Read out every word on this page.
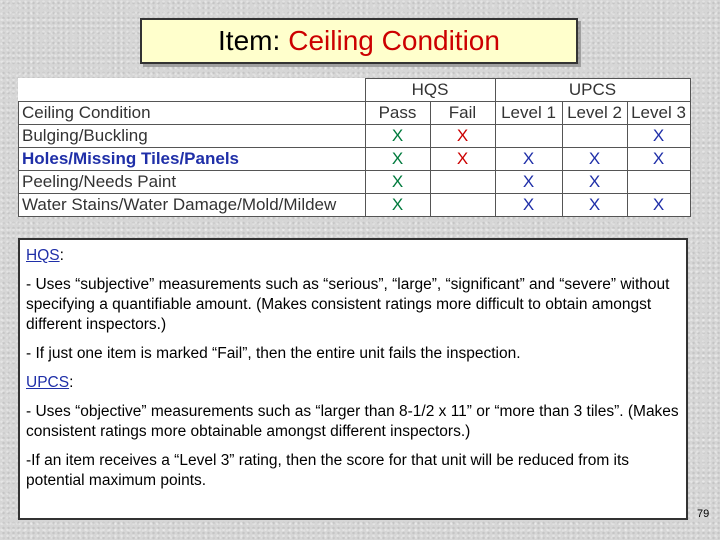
Item: Ceiling Condition
	HQS		UPCS		
Ceiling Condition	Pass	Fail	Level 1	Level 2	Level 3
Bulging/Buckling	X	X			X
Holes/Missing Tiles/Panels	X	X	X	X	X
Peeling/Needs Paint	X		X	X	
Water Stains/Water Damage/Mold/Mildew	X		X	X	X

HQS:

- Uses “subjective” measurements such as “serious”, “large”, “significant” and “severe” without specifying a quantifiable amount. (Makes consistent ratings more difficult to obtain amongst different inspectors.)

- If just one item is marked “Fail”, then the entire unit fails the inspection.

UPCS:

- Uses “objective” measurements such as “larger than 8-1/2 x 11” or “more than 3 tiles”. (Makes consistent ratings more obtainable amongst different inspectors.)

-If an item receives a “Level 3” rating, then the score for that unit will be reduced from its potential maximum points.

79
